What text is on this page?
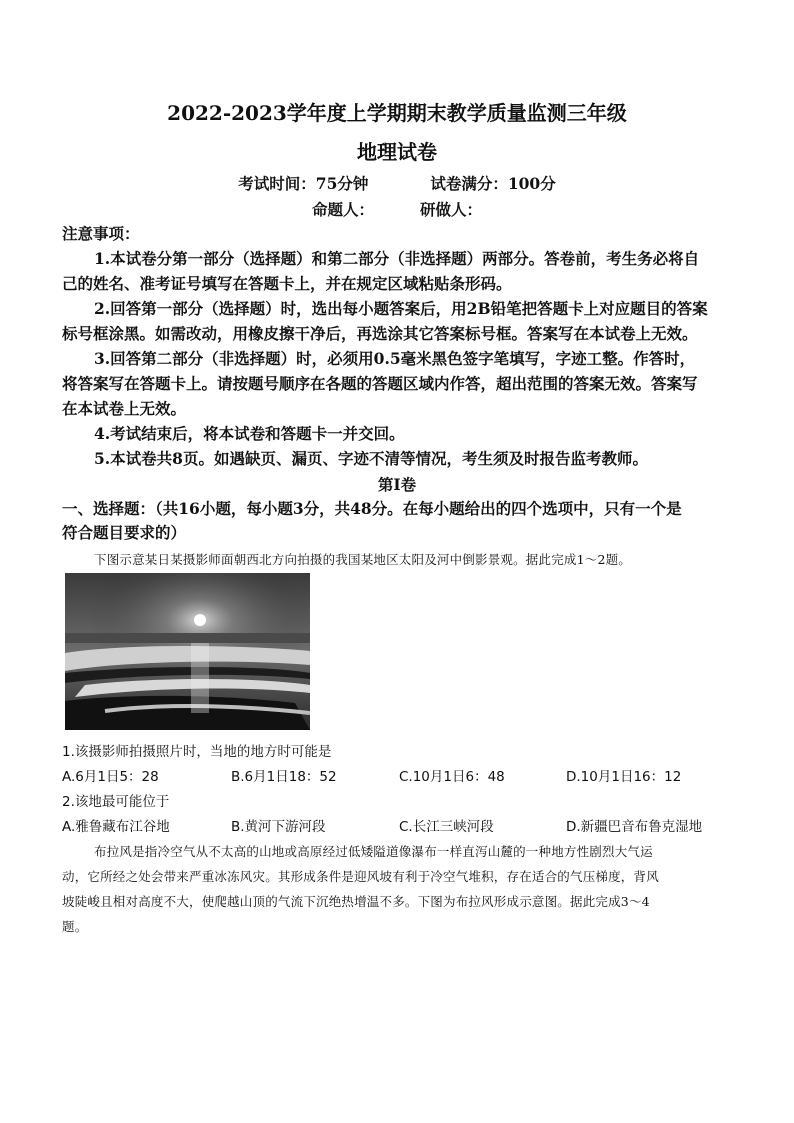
2022-2023学年度上学期期末教学质量监测三年级
地理试卷
考试时间：75分钟	试卷满分：100分
命题人：	研做人：
注意事项：
1.本试卷分第一部分（选择题）和第二部分（非选择题）两部分。答卷前，考生务必将自
己的姓名、准考证号填写在答题卡上，并在规定区域粘贴条形码。
2.回答第一部分（选择题）时，选出每小题答案后，用2B铅笔把答题卡上对应题目的答案
标号框涂黑。如需改动，用橡皮擦干净后，再选涂其它答案标号框。答案写在本试卷上无效。
3.回答第二部分（非选择题）时，必须用0.5毫米黑色签字笔填写，字迹工整。作答时，
将答案写在答题卡上。请按题号顺序在各题的答题区域内作答，超出范围的答案无效。答案写
在本试卷上无效。
4.考试结束后，将本试卷和答题卡一并交回。
5.本试卷共8页。如遇缺页、漏页、字迹不清等情况，考生须及时报告监考教师。
第Ⅰ卷
一、选择题：（共16小题，每小题3分，共48分。在每小题给出的四个选项中，只有一个是
符合题目要求的）
下图示意某日某摄影师面朝西北方向拍摄的我国某地区太阳及河中倒影景观。据此完成1～2题。
1.该摄影师拍摄照片时，当地的地方时可能是
A.6月1日5：28	B.6月1日18：52	C.10月1日6：48	D.10月1日16：12
2.该地最可能位于
A.雅鲁藏布江谷地	B.黄河下游河段	C.长江三峡河段	D.新疆巴音布鲁克湿地
布拉风是指冷空气从不太高的山地或高原经过低矮隘道像瀑布一样直泻山麓的一种地方性剧烈大气运
动，它所经之处会带来严重冰冻风灾。其形成条件是迎风坡有利于冷空气堆积，存在适合的气压梯度，背风
坡陡峻且相对高度不大，使爬越山顶的气流下沉绝热增温不多。下图为布拉风形成示意图。据此完成3～4
题。
